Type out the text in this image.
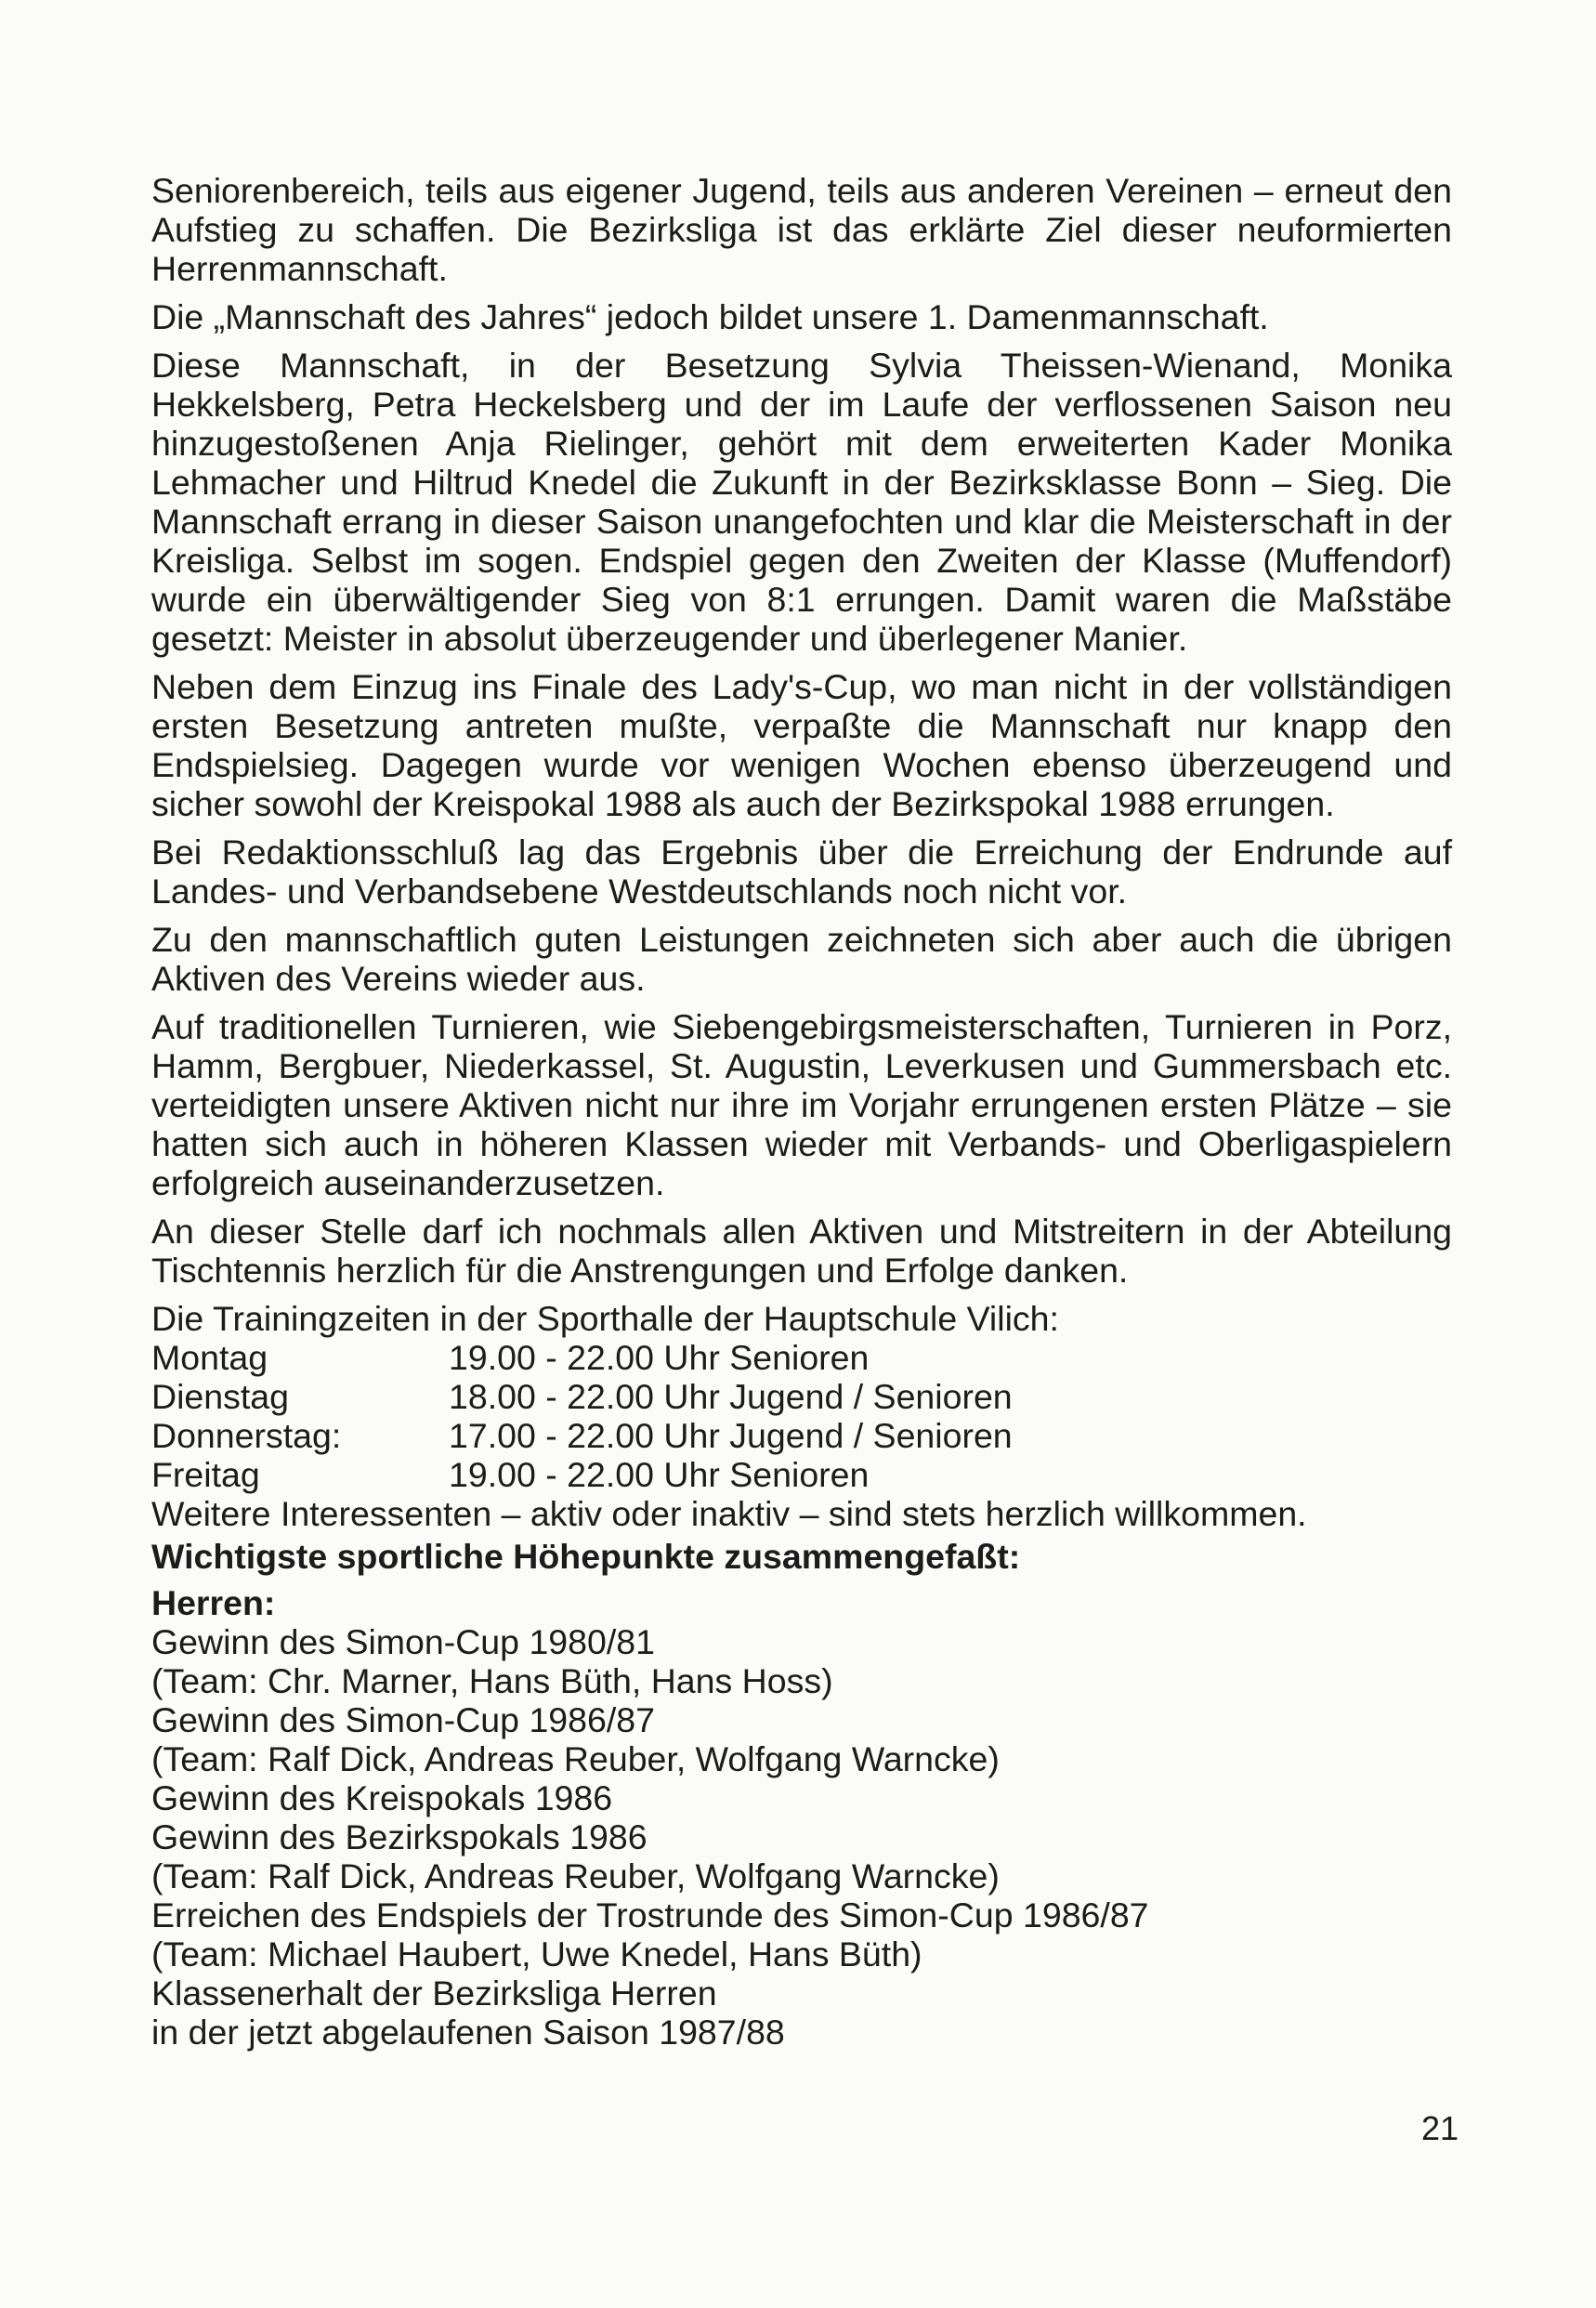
Seniorenbereich, teils aus eigener Jugend, teils aus anderen Vereinen – erneut den Aufstieg zu schaffen. Die Bezirksliga ist das erklärte Ziel dieser neuformierten Herrenmannschaft.

Die „Mannschaft des Jahres“ jedoch bildet unsere 1. Damenmannschaft.

Diese Mannschaft, in der Besetzung Sylvia Theissen-Wienand, Monika Hekkelsberg, Petra Heckelsberg und der im Laufe der verflossenen Saison neu hinzugestoßenen Anja Rielinger, gehört mit dem erweiterten Kader Monika Lehmacher und Hiltrud Knedel die Zukunft in der Bezirksklasse Bonn – Sieg. Die Mannschaft errang in dieser Saison unangefochten und klar die Meisterschaft in der Kreisliga. Selbst im sogen. Endspiel gegen den Zweiten der Klasse (Muffendorf) wurde ein überwältigender Sieg von 8:1 errungen. Damit waren die Maßstäbe gesetzt: Meister in absolut überzeugender und überlegener Manier.

Neben dem Einzug ins Finale des Lady's-Cup, wo man nicht in der vollständigen ersten Besetzung antreten mußte, verpaßte die Mannschaft nur knapp den Endspielsieg. Dagegen wurde vor wenigen Wochen ebenso überzeugend und sicher sowohl der Kreispokal 1988 als auch der Bezirkspokal 1988 errungen.

Bei Redaktionsschluß lag das Ergebnis über die Erreichung der Endrunde auf Landes- und Verbandsebene Westdeutschlands noch nicht vor.

Zu den mannschaftlich guten Leistungen zeichneten sich aber auch die übrigen Aktiven des Vereins wieder aus.

Auf traditionellen Turnieren, wie Siebengebirgsmeisterschaften, Turnieren in Porz, Hamm, Bergbuer, Niederkassel, St. Augustin, Leverkusen und Gummersbach etc. verteidigten unsere Aktiven nicht nur ihre im Vorjahr errungenen ersten Plätze – sie hatten sich auch in höheren Klassen wieder mit Verbands- und Oberligaspielern erfolgreich auseinanderzusetzen.

An dieser Stelle darf ich nochmals allen Aktiven und Mitstreitern in der Abteilung Tischtennis herzlich für die Anstrengungen und Erfolge danken.

Die Trainingzeiten in der Sporthalle der Hauptschule Vilich:

Montag	19.00 - 22.00 Uhr Senioren
Dienstag	18.00 - 22.00 Uhr Jugend / Senioren
Donnerstag:	17.00 - 22.00 Uhr Jugend / Senioren
Freitag	19.00 - 22.00 Uhr Senioren

Weitere Interessenten – aktiv oder inaktiv – sind stets herzlich willkommen.

Wichtigste sportliche Höhepunkte zusammengefaßt:
Herren:
Gewinn des Simon-Cup 1980/81
(Team: Chr. Marner, Hans Büth, Hans Hoss)
Gewinn des Simon-Cup 1986/87
(Team: Ralf Dick, Andreas Reuber, Wolfgang Warncke)
Gewinn des Kreispokals 1986
Gewinn des Bezirkspokals 1986
(Team: Ralf Dick, Andreas Reuber, Wolfgang Warncke)
Erreichen des Endspiels der Trostrunde des Simon-Cup 1986/87
(Team: Michael Haubert, Uwe Knedel, Hans Büth)
Klassenerhalt der Bezirksliga Herren
in der jetzt abgelaufenen Saison 1987/88
21
